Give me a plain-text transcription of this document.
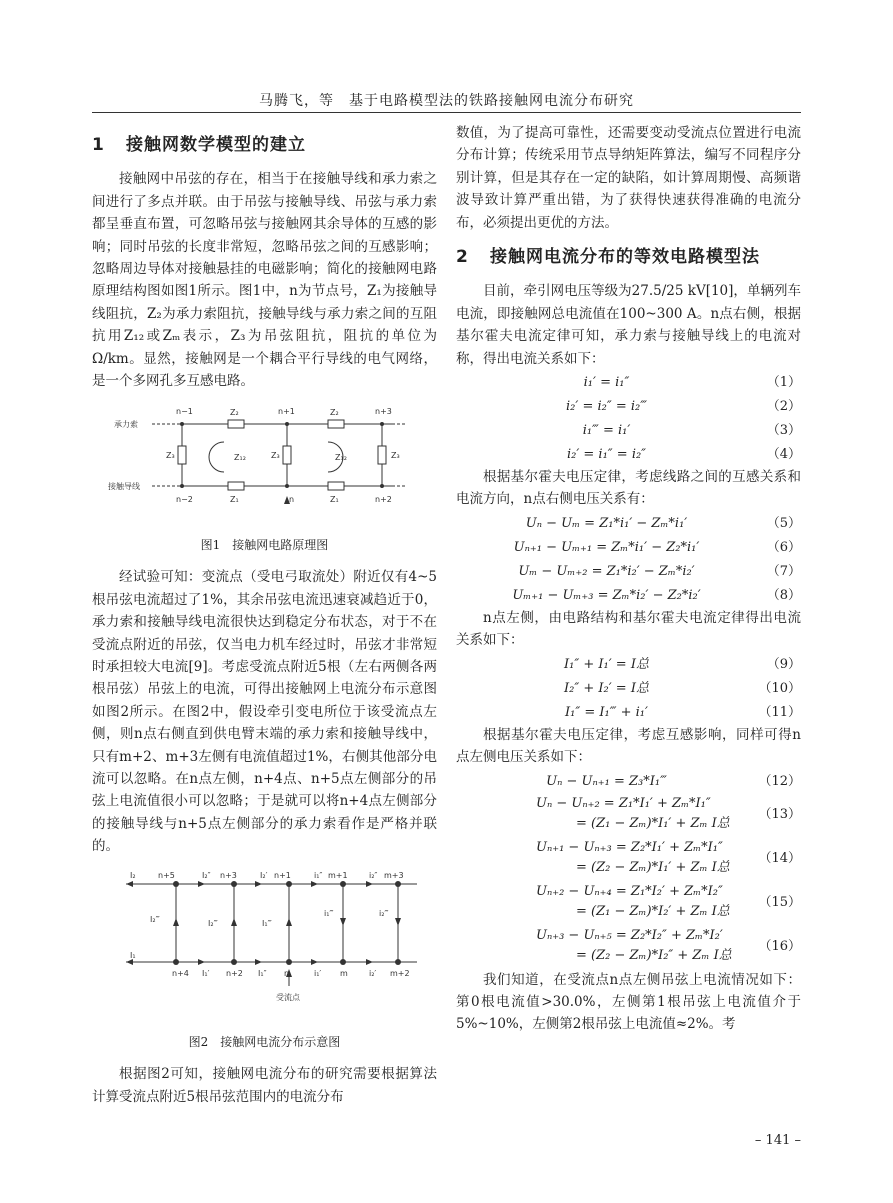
马腾飞，等　基于电路模型法的铁路接触网电流分布研究
1 接触网数学模型的建立

接触网中吊弦的存在，相当于在接触导线和承力索之间进行了多点并联。由于吊弦与接触导线、吊弦与承力索都呈垂直布置，可忽略吊弦与接触网其余导体的互感的影响；同时吊弦的长度非常短，忽略吊弦之间的互感影响；忽略周边导体对接触悬挂的电磁影响；简化的接触网电路原理结构图如图1所示。图1中，n为节点号，Z₁为接触导线阻抗，Z₂为承力索阻抗，接触导线与承力索之间的互阻抗用Z₁₂或Zₘ表示，Z₃为吊弦阻抗，阻抗的单位为Ω/km。显然，接触网是一个耦合平行导线的电气网络，是一个多网孔多互感电路。

承力索
接触导线
n−1	n+1	n+3
n−2	n	n+2
Z₂	Z₂
Z₁	Z₁
Z₃	Z₃	Z₃
Z₁₂	Z₁₂
图1　接触网电路原理图

经试验可知：变流点（受电弓取流处）附近仅有4~5根吊弦电流超过了1%，其余吊弦电流迅速衰减趋近于0，承力索和接触导线电流很快达到稳定分布状态，对于不在受流点附近的吊弦，仅当电力机车经过时，吊弦才非常短时承担较大电流[9]。考虑受流点附近5根（左右两侧各两根吊弦）吊弦上的电流，可得出接触网上电流分布示意图如图2所示。在图2中，假设牵引变电所位于该受流点左侧，则n点右侧直到供电臂末端的承力索和接触导线中，只有m+2、m+3左侧有电流值超过1%，右侧其他部分电流可以忽略。在n点左侧，n+4点、n+5点左侧部分的吊弦上电流值很小可以忽略；于是就可以将n+4点左侧部分的接触导线与n+5点左侧部分的承力索看作是严格并联的。

I₂	I₂″	I₂′	i₁″	i₂″
n+5	n+3	n+1	m+1	m+3
I₁
I₁′	I₁″	i₁′	i₂′
n+4	n+2	n	m	m+2
I₂‴	I₂‴	I₁‴
i₁‴	i₂‴
受流点
图2　接触网电流分布示意图

根据图2可知，接触网电流分布的研究需要根据算法计算受流点附近5根吊弦范围内的电流分布

数值，为了提高可靠性，还需要变动受流点位置进行电流分布计算；传统采用节点导纳矩阵算法，编写不同程序分别计算，但是其存在一定的缺陷，如计算周期慢、高频谐波导致计算严重出错，为了获得快速获得准确的电流分布，必须提出更优的方法。

2 接触网电流分布的等效电路模型法

目前，牵引网电压等级为27.5/25 kV[10]，单辆列车电流，即接触网总电流值在100~300 A。n点右侧，根据基尔霍夫电流定律可知，承力索与接触导线上的电流对称，得出电流关系如下：

i₁′ = i₁″	（1）
i₂′ = i₂″ = i₂‴	（2）
i₁‴ = i₁′	（3）
i₂′ = i₁″ = i₂″	（4）

根据基尔霍夫电压定律，考虑线路之间的互感关系和电流方向，n点右侧电压关系有：

Uₙ − Uₘ = Z₁*i₁′ − Zₘ*i₁′	（5）
Uₙ₊₁ − Uₘ₊₁ = Zₘ*i₁′ − Z₂*i₁′	（6）
Uₘ − Uₘ₊₂ = Z₁*i₂′ − Zₘ*i₂′	（7）
Uₘ₊₁ − Uₘ₊₃ = Zₘ*i₂′ − Z₂*i₂′	（8）

n点左侧，由电路结构和基尔霍夫电流定律得出电流关系如下：

I₁″ + I₁′ = I总	（9）
I₂″ + I₂′ = I总	（10）
I₁″ = I₁‴ + i₁′	（11）

根据基尔霍夫电压定律，考虑互感影响，同样可得n点左侧电压关系如下：

Uₙ − Uₙ₊₁ = Z₃*I₁‴	（12）
Uₙ − Uₙ₊₂ = Z₁*I₁′ + Zₘ*I₁″
= (Z₁ − Zₘ)*I₁′ + Zₘ I总
（13）
Uₙ₊₁ − Uₙ₊₃ = Z₂*I₁′ + Zₘ*I₁″
= (Z₂ − Zₘ)*I₁′ + Zₘ I总
（14）
Uₙ₊₂ − Uₙ₊₄ = Z₁*I₂′ + Zₘ*I₂″
= (Z₁ − Zₘ)*I₂′ + Zₘ I总
（15）
Uₙ₊₃ − Uₙ₊₅ = Z₂*I₂″ + Zₘ*I₂′
= (Z₂ − Zₘ)*I₂″ + Zₘ I总
（16）

我们知道，在受流点n点左侧吊弦上电流情况如下：第0根电流值>30.0%，左侧第1根吊弦上电流值介于5%~10%，左侧第2根吊弦上电流值≈2%。考

– 141 –
